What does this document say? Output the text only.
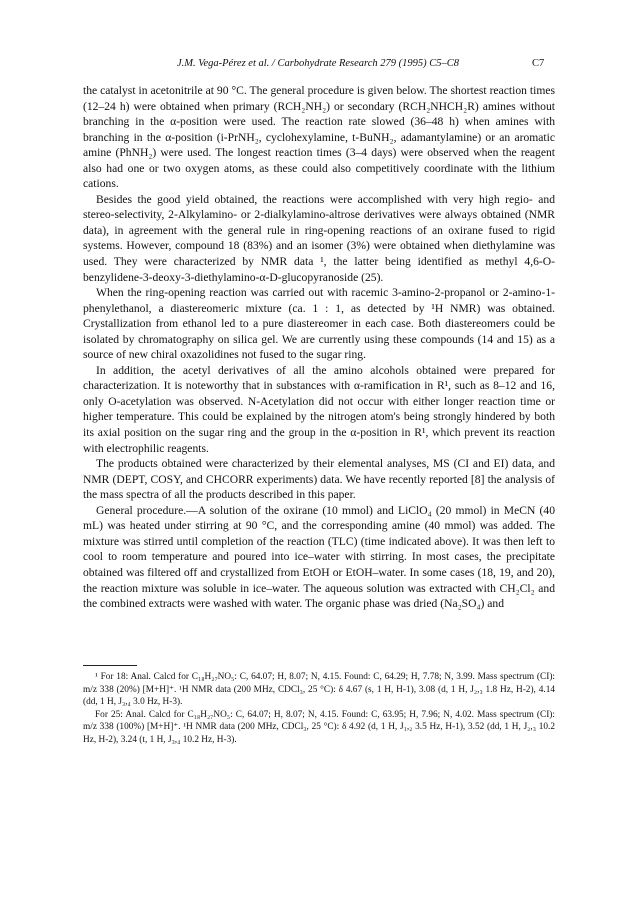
J.M. Vega-Pérez et al. / Carbohydrate Research 279 (1995) C5–C8	C7

the catalyst in acetonitrile at 90 °C. The general procedure is given below. The shortest reaction times (12–24 h) were obtained when primary (RCH₂NH₂) or secondary (RCH₂NHCH₂R) amines without branching in the α-position were used. The reaction rate slowed (36–48 h) when amines with branching in the α-position (i-PrNH₂, cyclohexylamine, t-BuNH₂, adamantylamine) or an aromatic amine (PhNH₂) were used. The longest reaction times (3–4 days) were observed when the reagent also had one or two oxygen atoms, as these could also competitively coordinate with the lithium cations.

Besides the good yield obtained, the reactions were accomplished with very high regio- and stereo-selectivity, 2-Alkylamino- or 2-dialkylamino-altrose derivatives were always obtained (NMR data), in agreement with the general rule in ring-opening reactions of an oxirane fused to rigid systems. However, compound 18 (83%) and an isomer (3%) were obtained when diethylamine was used. They were characterized by NMR data ¹, the latter being identified as methyl 4,6-O-benzylidene-3-deoxy-3-diethylamino-α-D-glucopyranoside (25).

When the ring-opening reaction was carried out with racemic 3-amino-2-propanol or 2-amino-1-phenylethanol, a diastereomeric mixture (ca. 1 : 1, as detected by ¹H NMR) was obtained. Crystallization from ethanol led to a pure diastereomer in each case. Both diastereomers could be isolated by chromatography on silica gel. We are currently using these compounds (14 and 15) as a source of new chiral oxazolidines not fused to the sugar ring.

In addition, the acetyl derivatives of all the amino alcohols obtained were prepared for characterization. It is noteworthy that in substances with α-ramification in R¹, such as 8–12 and 16, only O-acetylation was observed. N-Acetylation did not occur with either longer reaction time or higher temperature. This could be explained by the nitrogen atom's being strongly hindered by both its axial position on the sugar ring and the group in the α-position in R¹, which prevent its reaction with electrophilic reagents.

The products obtained were characterized by their elemental analyses, MS (CI and EI) data, and NMR (DEPT, COSY, and CHCORR experiments) data. We have recently reported [8] the analysis of the mass spectra of all the products described in this paper.

General procedure.—A solution of the oxirane (10 mmol) and LiClO₄ (20 mmol) in MeCN (40 mL) was heated under stirring at 90 °C, and the corresponding amine (40 mmol) was added. The mixture was stirred until completion of the reaction (TLC) (time indicated above). It was then left to cool to room temperature and poured into ice–water with stirring. In most cases, the precipitate obtained was filtered off and crystallized from EtOH or EtOH–water. In some cases (18, 19, and 20), the reaction mixture was soluble in ice–water. The aqueous solution was extracted with CH₂Cl₂ and the combined extracts were washed with water. The organic phase was dried (Na₂SO₄) and

¹ For 18: Anal. Calcd for C₁₈H₂₇NO₅: C, 64.07; H, 8.07; N, 4.15. Found: C, 64.29; H, 7.78; N, 3.99. Mass spectrum (CI): m/z 338 (20%) [M+H]⁺. ¹H NMR data (200 MHz, CDCl₃, 25 °C): δ 4.67 (s, 1 H, H-1), 3.08 (d, 1 H, J₂,₃ 1.8 Hz, H-2), 4.14 (dd, 1 H, J₃,₄ 3.0 Hz, H-3).

For 25: Anal. Calcd for C₁₈H₂₇NO₅: C, 64.07; H, 8.07; N, 4.15. Found: C, 63.95; H, 7.96; N, 4.02. Mass spectrum (CI): m/z 338 (100%) [M+H]⁺. ¹H NMR data (200 MHz, CDCl₃, 25 °C): δ 4.92 (d, 1 H, J₁,₂ 3.5 Hz, H-1), 3.52 (dd, 1 H, J₂,₃ 10.2 Hz, H-2), 3.24 (t, 1 H, J₃,₄ 10.2 Hz, H-3).
